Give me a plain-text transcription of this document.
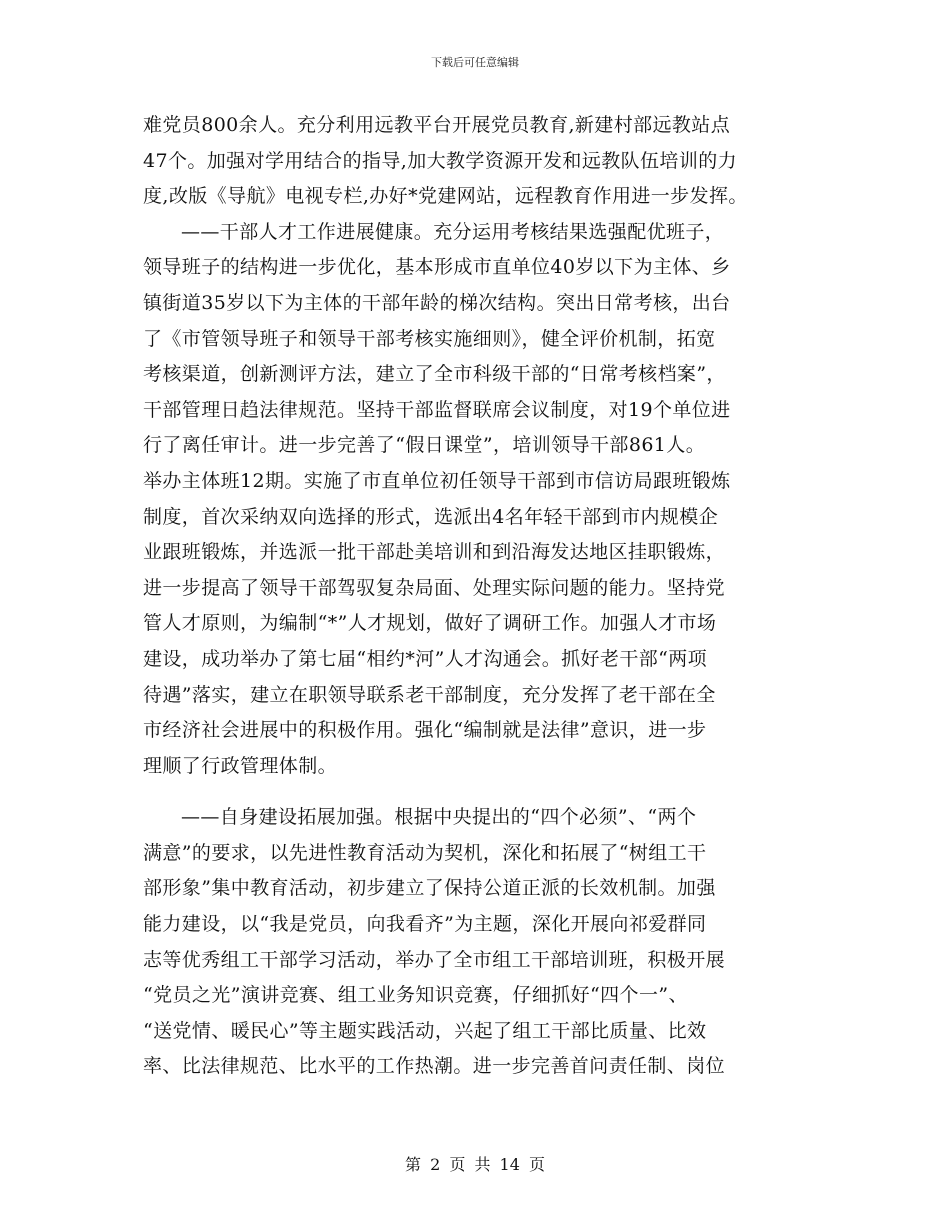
下载后可任意编辑
难党员800余人。充分利用远教平台开展党员教育,新建村部远教站点
47个。加强对学用结合的指导,加大教学资源开发和远教队伍培训的力
度,改版《导航》电视专栏,办好*党建网站，远程教育作用进一步发挥。
——干部人才工作进展健康。充分运用考核结果选强配优班子，
领导班子的结构进一步优化，基本形成市直单位40岁以下为主体、乡
镇街道35岁以下为主体的干部年龄的梯次结构。突出日常考核，出台
了《市管领导班子和领导干部考核实施细则》，健全评价机制，拓宽
考核渠道，创新测评方法，建立了全市科级干部的“日常考核档案”，
干部管理日趋法律规范。坚持干部监督联席会议制度，对19个单位进
行了离任审计。进一步完善了“假日课堂”，培训领导干部861人。
举办主体班12期。实施了市直单位初任领导干部到市信访局跟班锻炼
制度，首次采纳双向选择的形式，选派出4名年轻干部到市内规模企
业跟班锻炼，并选派一批干部赴美培训和到沿海发达地区挂职锻炼，
进一步提高了领导干部驾驭复杂局面、处理实际问题的能力。坚持党
管人才原则，为编制“*”人才规划，做好了调研工作。加强人才市场
建设，成功举办了第七届“相约*河”人才沟通会。抓好老干部“两项
待遇”落实，建立在职领导联系老干部制度，充分发挥了老干部在全
市经济社会进展中的积极作用。强化“编制就是法律”意识，进一步
理顺了行政管理体制。
——自身建设拓展加强。根据中央提出的“四个必须”、“两个
满意”的要求，以先进性教育活动为契机，深化和拓展了“树组工干
部形象”集中教育活动，初步建立了保持公道正派的长效机制。加强
能力建设，以“我是党员，向我看齐”为主题，深化开展向祁爱群同
志等优秀组工干部学习活动，举办了全市组工干部培训班，积极开展
“党员之光”演讲竞赛、组工业务知识竞赛，仔细抓好“四个一”、
“送党情、暖民心”等主题实践活动，兴起了组工干部比质量、比效
率、比法律规范、比水平的工作热潮。进一步完善首问责任制、岗位
第 2 页 共 14 页
